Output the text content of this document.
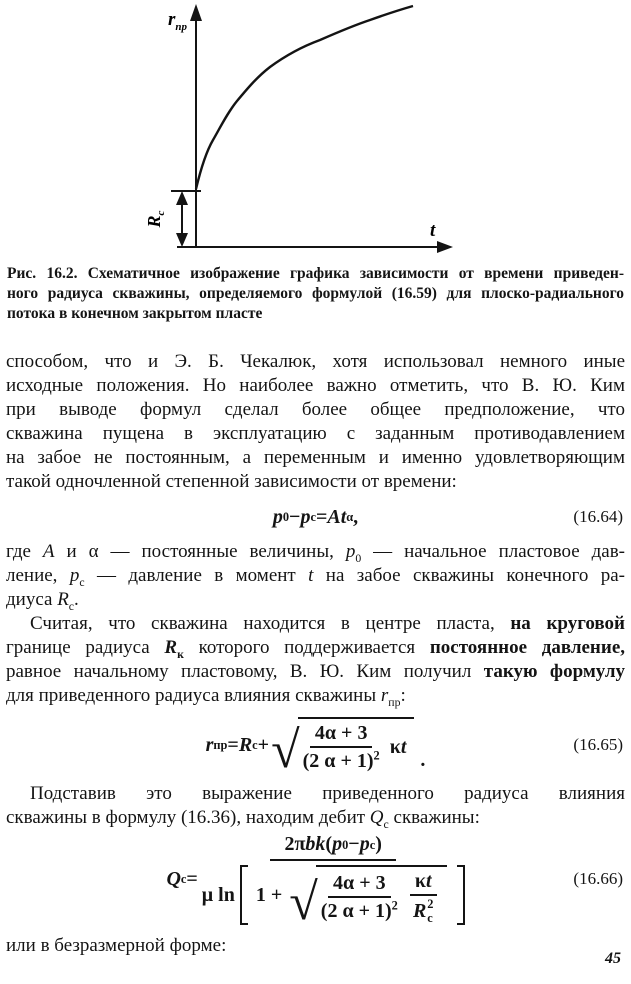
$r_{пр}$
t
$R_c$
Рис. 16.2. Схематичное изображение графика зависимости от времени приведен-
ного радиуса скважины, определяемого формулой (16.59) для плоско-радиального
потока в конечном закрытом пласте
способом, что и Э. Б. Чекалюк, хотя использовал немного иные
исходные положения. Но наиболее важно отметить, что В. Ю. Ким
при выводе формул сделал более общее предположение, что
скважина пущена в эксплуатацию с заданным противодавлением
на забое не постоянным, а переменным и именно удовлетворяющим
такой одночленной степенной зависимости от времени:
p 0 − p c = A t α ,	(16.64)
где A и α — постоянные величины, $p_0$ — начальное пластовое дав-
ление, $p_c$ — давление в момент t на забое скважины конечного ра-
диуса $R_c$.
Считая, что скважина находится в центре пласта, на круговой
границе радиуса $R_к$ которого поддерживается постоянное давление,
равное начальному пластовому, В. Ю. Ким получил такую формулу
для приведенного радиуса влияния скважины $r_{пр}$:
r пр = R c + √ $\frac{4\alpha + 3}{(2 \alpha + 1)^2}$ κ t
.
(16.65)
Подставив это выражение приведенного радиуса влияния
скважины в формулу (16.36), находим дебит $Q_c$ скважины:
Q c =
2π bk ( p 0 − p c )
μ ln 1 + √ $\frac{4\alpha + 3}{(2 \alpha + 1)^2}$ κt
R 2
c	(16.66)
или в безразмерной форме:
45
